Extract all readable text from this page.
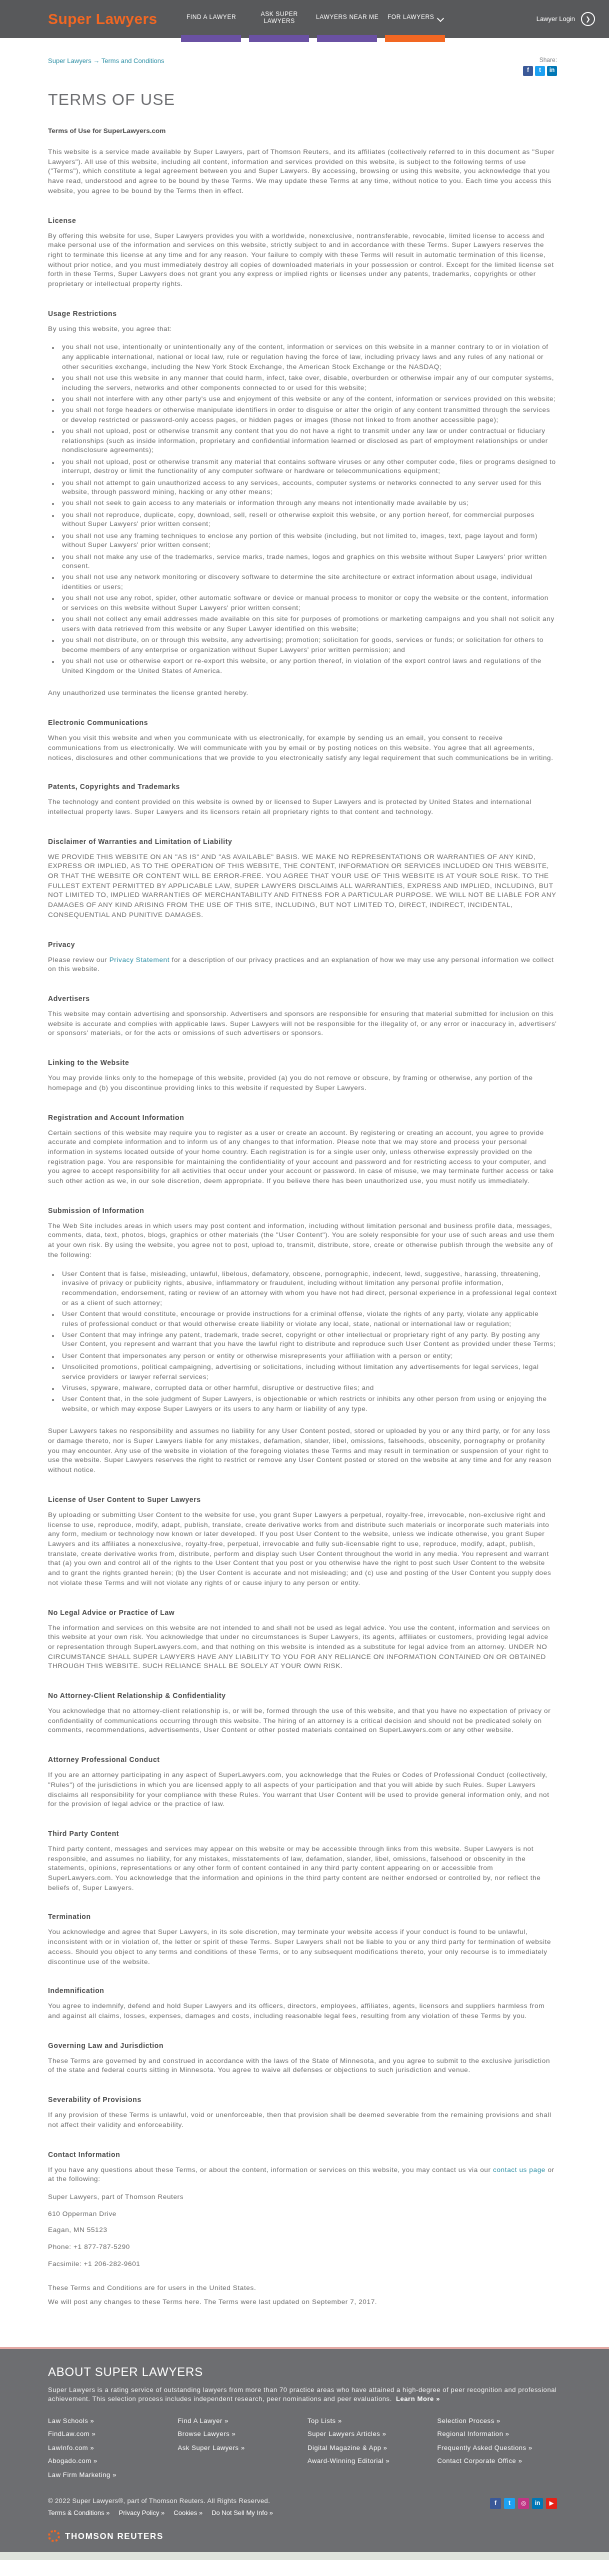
Super Lawyers	FIND A LAWYER
ASK SUPER LAWYERS
LAWYERS NEAR ME FOR LAWYERS	Lawyer Login	❯
Super Lawyers → Terms and Conditions	Share:
f	t	in
TERMS OF USE
Terms of Use for SuperLawyers.com

This website is a service made available by Super Lawyers, part of Thomson Reuters, and its affiliates (collectively referred to in this document as "Super Lawyers"). All use of this website, including all content, information and services provided on this website, is subject to the following terms of use ("Terms"), which constitute a legal agreement between you and Super Lawyers. By accessing, browsing or using this website, you acknowledge that you have read, understood and agree to be bound by these Terms. We may update these Terms at any time, without notice to you. Each time you access this website, you agree to be bound by the Terms then in effect.

License

By offering this website for use, Super Lawyers provides you with a worldwide, nonexclusive, nontransferable, revocable, limited license to access and make personal use of the information and services on this website, strictly subject to and in accordance with these Terms. Super Lawyers reserves the right to terminate this license at any time and for any reason. Your failure to comply with these Terms will result in automatic termination of this license, without prior notice, and you must immediately destroy all copies of downloaded materials in your possession or control. Except for the limited license set forth in these Terms, Super Lawyers does not grant you any express or implied rights or licenses under any patents, trademarks, copyrights or other proprietary or intellectual property rights.

Usage Restrictions

By using this website, you agree that:

• you shall not use, intentionally or unintentionally any of the content, information or services on this website in a manner contrary to or in violation of any applicable international, national or local law, rule or regulation having the force of law, including privacy laws and any rules of any national or other securities exchange, including the New York Stock Exchange, the American Stock Exchange or the NASDAQ;
• you shall not use this website in any manner that could harm, infect, take over, disable, overburden or otherwise impair any of our computer systems, including the servers, networks and other components connected to or used for this website;
• you shall not interfere with any other party's use and enjoyment of this website or any of the content, information or services provided on this website;
• you shall not forge headers or otherwise manipulate identifiers in order to disguise or alter the origin of any content transmitted through the services or develop restricted or password-only access pages, or hidden pages or images (those not linked to from another accessible page);
• you shall not upload, post or otherwise transmit any content that you do not have a right to transmit under any law or under contractual or fiduciary relationships (such as inside information, proprietary and confidential information learned or disclosed as part of employment relationships or under nondisclosure agreements);
• you shall not upload, post or otherwise transmit any material that contains software viruses or any other computer code, files or programs designed to interrupt, destroy or limit the functionality of any computer software or hardware or telecommunications equipment;
• you shall not attempt to gain unauthorized access to any services, accounts, computer systems or networks connected to any server used for this website, through password mining, hacking or any other means;
• you shall not seek to gain access to any materials or information through any means not intentionally made available by us;
• you shall not reproduce, duplicate, copy, download, sell, resell or otherwise exploit this website, or any portion hereof, for commercial purposes without Super Lawyers' prior written consent;
• you shall not use any framing techniques to enclose any portion of this website (including, but not limited to, images, text, page layout and form) without Super Lawyers' prior written consent;
• you shall not make any use of the trademarks, service marks, trade names, logos and graphics on this website without Super Lawyers' prior written consent.
• you shall not use any network monitoring or discovery software to determine the site architecture or extract information about usage, individual identities or users;
• you shall not use any robot, spider, other automatic software or device or manual process to monitor or copy the website or the content, information or services on this website without Super Lawyers' prior written consent;
• you shall not collect any email addresses made available on this site for purposes of promotions or marketing campaigns and you shall not solicit any users with data retrieved from this website or any Super Lawyer identified on this website;
• you shall not distribute, on or through this website, any advertising; promotion; solicitation for goods, services or funds; or solicitation for others to become members of any enterprise or organization without Super Lawyers' prior written permission; and
• you shall not use or otherwise export or re-export this website, or any portion thereof, in violation of the export control laws and regulations of the United Kingdom or the United States of America.

Any unauthorized use terminates the license granted hereby.

Electronic Communications

When you visit this website and when you communicate with us electronically, for example by sending us an email, you consent to receive communications from us electronically. We will communicate with you by email or by posting notices on this website. You agree that all agreements, notices, disclosures and other communications that we provide to you electronically satisfy any legal requirement that such communications be in writing.

Patents, Copyrights and Trademarks

The technology and content provided on this website is owned by or licensed to Super Lawyers and is protected by United States and international intellectual property laws. Super Lawyers and its licensors retain all proprietary rights to that content and technology.

Disclaimer of Warranties and Limitation of Liability

WE PROVIDE THIS WEBSITE ON AN "AS IS" AND "AS AVAILABLE" BASIS. WE MAKE NO REPRESENTATIONS OR WARRANTIES OF ANY KIND, EXPRESS OR IMPLIED, AS TO THE OPERATION OF THIS WEBSITE, THE CONTENT, INFORMATION OR SERVICES INCLUDED ON THIS WEBSITE, OR THAT THE WEBSITE OR CONTENT WILL BE ERROR-FREE. YOU AGREE THAT YOUR USE OF THIS WEBSITE IS AT YOUR SOLE RISK. TO THE FULLEST EXTENT PERMITTED BY APPLICABLE LAW, SUPER LAWYERS DISCLAIMS ALL WARRANTIES, EXPRESS AND IMPLIED, INCLUDING, BUT NOT LIMITED TO, IMPLIED WARRANTIES OF MERCHANTABILITY AND FITNESS FOR A PARTICULAR PURPOSE. WE WILL NOT BE LIABLE FOR ANY DAMAGES OF ANY KIND ARISING FROM THE USE OF THIS SITE, INCLUDING, BUT NOT LIMITED TO, DIRECT, INDIRECT, INCIDENTAL, CONSEQUENTIAL AND PUNITIVE DAMAGES.

Privacy

Please review our Privacy Statement for a description of our privacy practices and an explanation of how we may use any personal information we collect on this website.

Advertisers

This website may contain advertising and sponsorship. Advertisers and sponsors are responsible for ensuring that material submitted for inclusion on this website is accurate and complies with applicable laws. Super Lawyers will not be responsible for the illegality of, or any error or inaccuracy in, advertisers' or sponsors' materials, or for the acts or omissions of such advertisers or sponsors.

Linking to the Website

You may provide links only to the homepage of this website, provided (a) you do not remove or obscure, by framing or otherwise, any portion of the homepage and (b) you discontinue providing links to this website if requested by Super Lawyers.

Registration and Account Information

Certain sections of this website may require you to register as a user or create an account. By registering or creating an account, you agree to provide accurate and complete information and to inform us of any changes to that information. Please note that we may store and process your personal information in systems located outside of your home country. Each registration is for a single user only, unless otherwise expressly provided on the registration page. You are responsible for maintaining the confidentiality of your account and password and for restricting access to your computer, and you agree to accept responsibility for all activities that occur under your account or password. In case of misuse, we may terminate further access or take such other action as we, in our sole discretion, deem appropriate. If you believe there has been unauthorized use, you must notify us immediately.

Submission of Information

The Web Site includes areas in which users may post content and information, including without limitation personal and business profile data, messages, comments, data, text, photos, blogs, graphics or other materials (the "User Content"). You are solely responsible for your use of such areas and use them at your own risk. By using the website, you agree not to post, upload to, transmit, distribute, store, create or otherwise publish through the website any of the following:

• User Content that is false, misleading, unlawful, libelous, defamatory, obscene, pornographic, indecent, lewd, suggestive, harassing, threatening, invasive of privacy or publicity rights, abusive, inflammatory or fraudulent, including without limitation any personal profile information, recommendation, endorsement, rating or review of an attorney with whom you have not had direct, personal experience in a professional legal context or as a client of such attorney;
• User Content that would constitute, encourage or provide instructions for a criminal offense, violate the rights of any party, violate any applicable rules of professional conduct or that would otherwise create liability or violate any local, state, national or international law or regulation;
• User Content that may infringe any patent, trademark, trade secret, copyright or other intellectual or proprietary right of any party. By posting any User Content, you represent and warrant that you have the lawful right to distribute and reproduce such User Content as provided under these Terms;
• User Content that impersonates any person or entity or otherwise misrepresents your affiliation with a person or entity;
• Unsolicited promotions, political campaigning, advertising or solicitations, including without limitation any advertisements for legal services, legal service providers or lawyer referral services;
• Viruses, spyware, malware, corrupted data or other harmful, disruptive or destructive files; and
• User Content that, in the sole judgment of Super Lawyers, is objectionable or which restricts or inhibits any other person from using or enjoying the website, or which may expose Super Lawyers or its users to any harm or liability of any type.

Super Lawyers takes no responsibility and assumes no liability for any User Content posted, stored or uploaded by you or any third party, or for any loss or damage thereto, nor is Super Lawyers liable for any mistakes, defamation, slander, libel, omissions, falsehoods, obscenity, pornography or profanity you may encounter. Any use of the website in violation of the foregoing violates these Terms and may result in termination or suspension of your right to use the website. Super Lawyers reserves the right to restrict or remove any User Content posted or stored on the website at any time and for any reason without notice.

License of User Content to Super Lawyers

By uploading or submitting User Content to the website for use, you grant Super Lawyers a perpetual, royalty-free, irrevocable, non-exclusive right and license to use, reproduce, modify, adapt, publish, translate, create derivative works from and distribute such materials or incorporate such materials into any form, medium or technology now known or later developed. If you post User Content to the website, unless we indicate otherwise, you grant Super Lawyers and its affiliates a nonexclusive, royalty-free, perpetual, irrevocable and fully sub-licensable right to use, reproduce, modify, adapt, publish, translate, create derivative works from, distribute, perform and display such User Content throughout the world in any media. You represent and warrant that (a) you own and control all of the rights to the User Content that you post or you otherwise have the right to post such User Content to the website and to grant the rights granted herein; (b) the User Content is accurate and not misleading; and (c) use and posting of the User Content you supply does not violate these Terms and will not violate any rights of or cause injury to any person or entity.

No Legal Advice or Practice of Law

The information and services on this website are not intended to and shall not be used as legal advice. You use the content, information and services on this website at your own risk. You acknowledge that under no circumstances is Super Lawyers, its agents, affiliates or customers, providing legal advice or representation through SuperLawyers.com, and that nothing on this website is intended as a substitute for legal advice from an attorney. UNDER NO CIRCUMSTANCE SHALL SUPER LAWYERS HAVE ANY LIABILITY TO YOU FOR ANY RELIANCE ON INFORMATION CONTAINED ON OR OBTAINED THROUGH THIS WEBSITE. SUCH RELIANCE SHALL BE SOLELY AT YOUR OWN RISK.

No Attorney-Client Relationship & Confidentiality

You acknowledge that no attorney-client relationship is, or will be, formed through the use of this website, and that you have no expectation of privacy or confidentiality of communications occurring through this website. The hiring of an attorney is a critical decision and should not be predicated solely on comments, recommendations, advertisements, User Content or other posted materials contained on SuperLawyers.com or any other website.

Attorney Professional Conduct

If you are an attorney participating in any aspect of SuperLawyers.com, you acknowledge that the Rules or Codes of Professional Conduct (collectively, "Rules") of the jurisdictions in which you are licensed apply to all aspects of your participation and that you will abide by such Rules. Super Lawyers disclaims all responsibility for your compliance with these Rules. You warrant that User Content will be used to provide general information only, and not for the provision of legal advice or the practice of law.

Third Party Content

Third party content, messages and services may appear on this website or may be accessible through links from this website. Super Lawyers is not responsible, and assumes no liability, for any mistakes, misstatements of law, defamation, slander, libel, omissions, falsehood or obscenity in the statements, opinions, representations or any other form of content contained in any third party content appearing on or accessible from SuperLawyers.com. You acknowledge that the information and opinions in the third party content are neither endorsed or controlled by, nor reflect the beliefs of, Super Lawyers.

Termination

You acknowledge and agree that Super Lawyers, in its sole discretion, may terminate your website access if your conduct is found to be unlawful, inconsistent with or in violation of, the letter or spirit of these Terms. Super Lawyers shall not be liable to you or any third party for termination of website access. Should you object to any terms and conditions of these Terms, or to any subsequent modifications thereto, your only recourse is to immediately discontinue use of the website.

Indemnification

You agree to indemnify, defend and hold Super Lawyers and its officers, directors, employees, affiliates, agents, licensors and suppliers harmless from and against all claims, losses, expenses, damages and costs, including reasonable legal fees, resulting from any violation of these Terms by you.

Governing Law and Jurisdiction

These Terms are governed by and construed in accordance with the laws of the State of Minnesota, and you agree to submit to the exclusive jurisdiction of the state and federal courts sitting in Minnesota. You agree to waive all defenses or objections to such jurisdiction and venue.

Severability of Provisions

If any provision of these Terms is unlawful, void or unenforceable, then that provision shall be deemed severable from the remaining provisions and shall not affect their validity and enforceability.

Contact Information

If you have any questions about these Terms, or about the content, information or services on this website, you may contact us via our contact us page or at the following:

Super Lawyers, part of Thomson Reuters

610 Opperman Drive

Eagan, MN 55123

Phone: +1 877-787-5290

Facsimile: +1 206-282-9601

These Terms and Conditions are for users in the United States.

We will post any changes to these Terms here. The Terms were last updated on September 7, 2017.

ABOUT SUPER LAWYERS
Super Lawyers is a rating service of outstanding lawyers from more than 70 practice areas who have attained a high-degree of peer recognition and professional achievement. This selection process includes independent research, peer nominations and peer evaluations. Learn More »
Law Schools »
FindLaw.com »
LawInfo.com »
Abogado.com »
Law Firm Marketing »
Find A Lawyer »
Browse Lawyers »
Ask Super Lawyers »
Top Lists »
Super Lawyers Articles »
Digital Magazine & App »
Award-Winning Editorial »
Selection Process »
Regional Information »
Frequently Asked Questions »
Contact Corporate Office »

© 2022 Super Lawyers®, part of Thomson Reuters. All Rights Reserved.

Terms & Conditions » Privacy Policy » Cookies » Do Not Sell My Info »
f	t	◎	in	▶
THOMSON REUTERS
